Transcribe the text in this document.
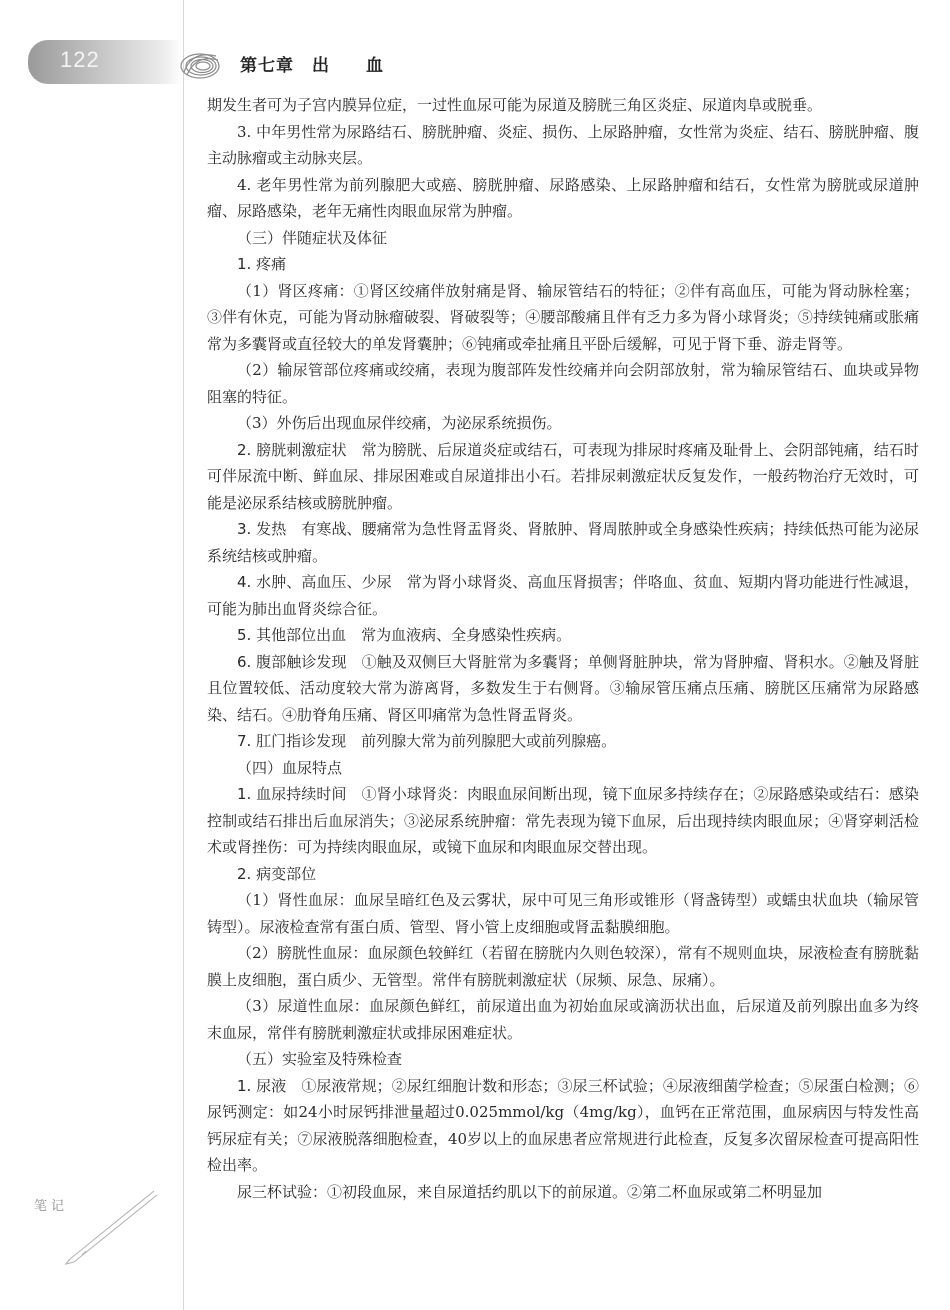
122	第七章　出　　血

期发生者可为子宫内膜异位症，一过性血尿可能为尿道及膀胱三角区炎症、尿道肉阜或脱垂。

3. 中年男性常为尿路结石、膀胱肿瘤、炎症、损伤、上尿路肿瘤，女性常为炎症、结石、膀胱肿瘤、腹主动脉瘤或主动脉夹层。

4. 老年男性常为前列腺肥大或癌、膀胱肿瘤、尿路感染、上尿路肿瘤和结石，女性常为膀胱或尿道肿瘤、尿路感染，老年无痛性肉眼血尿常为肿瘤。

（三）伴随症状及体征

1. 疼痛

（1）肾区疼痛：①肾区绞痛伴放射痛是肾、输尿管结石的特征；②伴有高血压，可能为肾动脉栓塞；③伴有休克，可能为肾动脉瘤破裂、肾破裂等；④腰部酸痛且伴有乏力多为肾小球肾炎；⑤持续钝痛或胀痛常为多囊肾或直径较大的单发肾囊肿；⑥钝痛或牵扯痛且平卧后缓解，可见于肾下垂、游走肾等。

（2）输尿管部位疼痛或绞痛，表现为腹部阵发性绞痛并向会阴部放射，常为输尿管结石、血块或异物阻塞的特征。

（3）外伤后出现血尿伴绞痛，为泌尿系统损伤。

2. 膀胱刺激症状　常为膀胱、后尿道炎症或结石，可表现为排尿时疼痛及耻骨上、会阴部钝痛，结石时可伴尿流中断、鲜血尿、排尿困难或自尿道排出小石。若排尿刺激症状反复发作，一般药物治疗无效时，可能是泌尿系结核或膀胱肿瘤。

3. 发热　有寒战、腰痛常为急性肾盂肾炎、肾脓肿、肾周脓肿或全身感染性疾病；持续低热可能为泌尿系统结核或肿瘤。

4. 水肿、高血压、少尿　常为肾小球肾炎、高血压肾损害；伴咯血、贫血、短期内肾功能进行性减退，可能为肺出血肾炎综合征。

5. 其他部位出血　常为血液病、全身感染性疾病。

6. 腹部触诊发现　①触及双侧巨大肾脏常为多囊肾；单侧肾脏肿块，常为肾肿瘤、肾积水。②触及肾脏且位置较低、活动度较大常为游离肾，多数发生于右侧肾。③输尿管压痛点压痛、膀胱区压痛常为尿路感染、结石。④肋脊角压痛、肾区叩痛常为急性肾盂肾炎。

7. 肛门指诊发现　前列腺大常为前列腺肥大或前列腺癌。

（四）血尿特点

1. 血尿持续时间　①肾小球肾炎：肉眼血尿间断出现，镜下血尿多持续存在；②尿路感染或结石：感染控制或结石排出后血尿消失；③泌尿系统肿瘤：常先表现为镜下血尿，后出现持续肉眼血尿；④肾穿刺活检术或肾挫伤：可为持续肉眼血尿，或镜下血尿和肉眼血尿交替出现。

2. 病变部位

（1）肾性血尿：血尿呈暗红色及云雾状，尿中可见三角形或锥形（肾盏铸型）或蠕虫状血块（输尿管铸型）。尿液检查常有蛋白质、管型、肾小管上皮细胞或肾盂黏膜细胞。

（2）膀胱性血尿：血尿颜色较鲜红（若留在膀胱内久则色较深），常有不规则血块，尿液检查有膀胱黏膜上皮细胞，蛋白质少、无管型。常伴有膀胱刺激症状（尿频、尿急、尿痛）。

（3）尿道性血尿：血尿颜色鲜红，前尿道出血为初始血尿或滴沥状出血，后尿道及前列腺出血多为终末血尿，常伴有膀胱刺激症状或排尿困难症状。

（五）实验室及特殊检查

1. 尿液　①尿液常规；②尿红细胞计数和形态；③尿三杯试验；④尿液细菌学检查；⑤尿蛋白检测；⑥尿钙测定：如24小时尿钙排泄量超过0.025mmol/kg（4mg/kg），血钙在正常范围，血尿病因与特发性高钙尿症有关；⑦尿液脱落细胞检查，40岁以上的血尿患者应常规进行此检查，反复多次留尿检查可提高阳性检出率。

尿三杯试验：①初段血尿，来自尿道括约肌以下的前尿道。②第二杯血尿或第二杯明显加

笔记
